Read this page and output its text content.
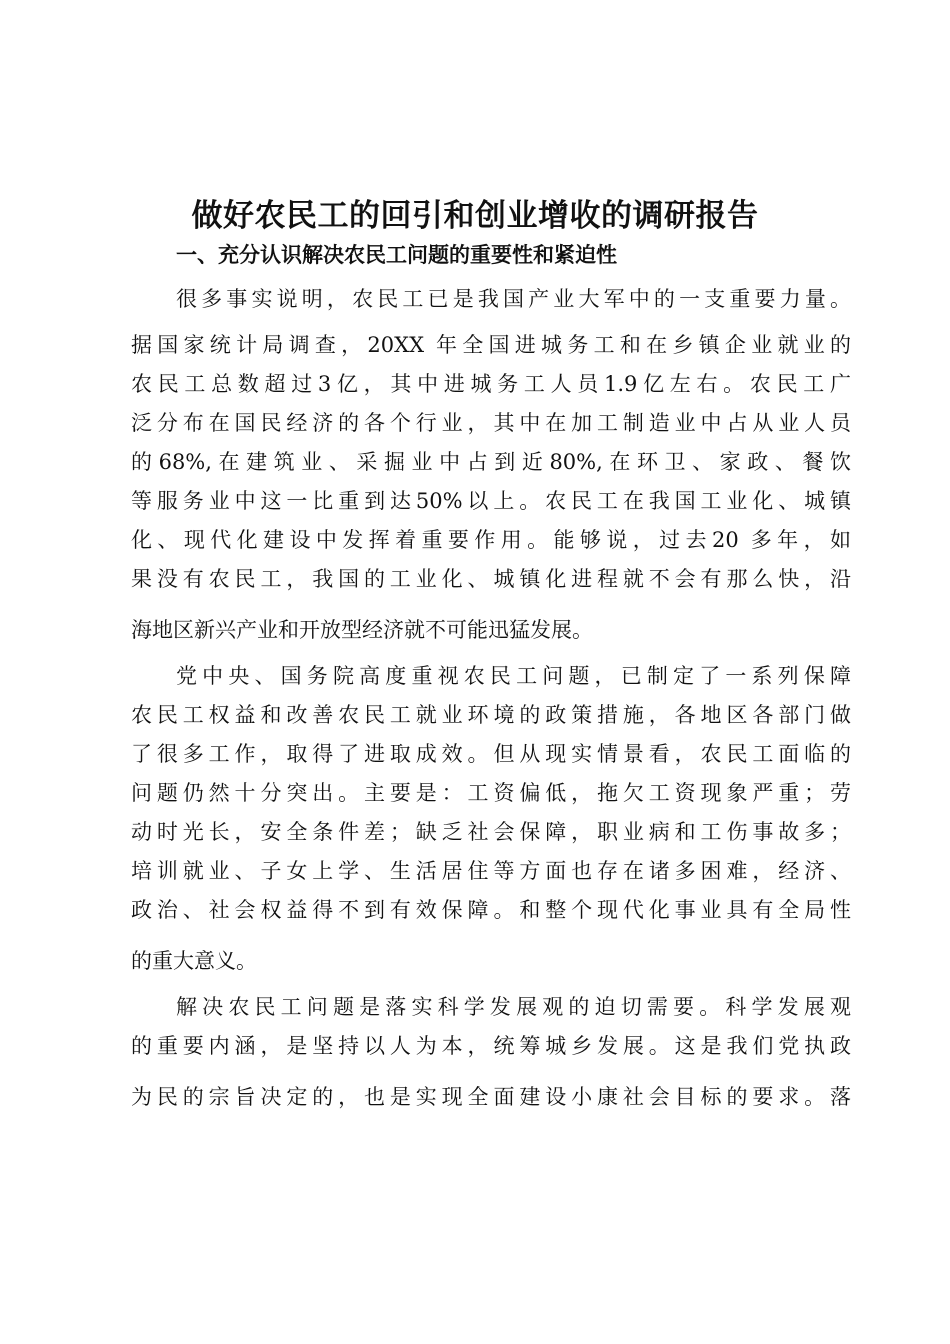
做好农民工的回引和创业增收的调研报告
一、充分认识解决农民工问题的重要性和紧迫性

很多事实说明，农民工已是我国产业大军中的一支重要力量。

据国家统计局调查，20XX 年全国进城务工和在乡镇企业就业的

农民工总数超过3亿，其中进城务工人员1.9亿左右。农民工广

泛分布在国民经济的各个行业，其中在加工制造业中占从业人员

的68%,在建筑业、采掘业中占到近80%,在环卫、家政、餐饮

等服务业中这一比重到达50%以上。农民工在我国工业化、城镇

化、现代化建设中发挥着重要作用。能够说，过去20 多年，如

果没有农民工，我国的工业化、城镇化进程就不会有那么快，沿

海地区新兴产业和开放型经济就不可能迅猛发展。

党中央、国务院高度重视农民工问题，已制定了一系列保障

农民工权益和改善农民工就业环境的政策措施，各地区各部门做

了很多工作，取得了进取成效。但从现实情景看，农民工面临的

问题仍然十分突出。主要是：工资偏低，拖欠工资现象严重；劳

动时光长，安全条件差；缺乏社会保障，职业病和工伤事故多；

培训就业、子女上学、生活居住等方面也存在诸多困难，经济、

政治、社会权益得不到有效保障。和整个现代化事业具有全局性

的重大意义。

解决农民工问题是落实科学发展观的迫切需要。科学发展观

的重要内涵，是坚持以人为本，统筹城乡发展。这是我们党执政

为民的宗旨决定的，也是实现全面建设小康社会目标的要求。落
